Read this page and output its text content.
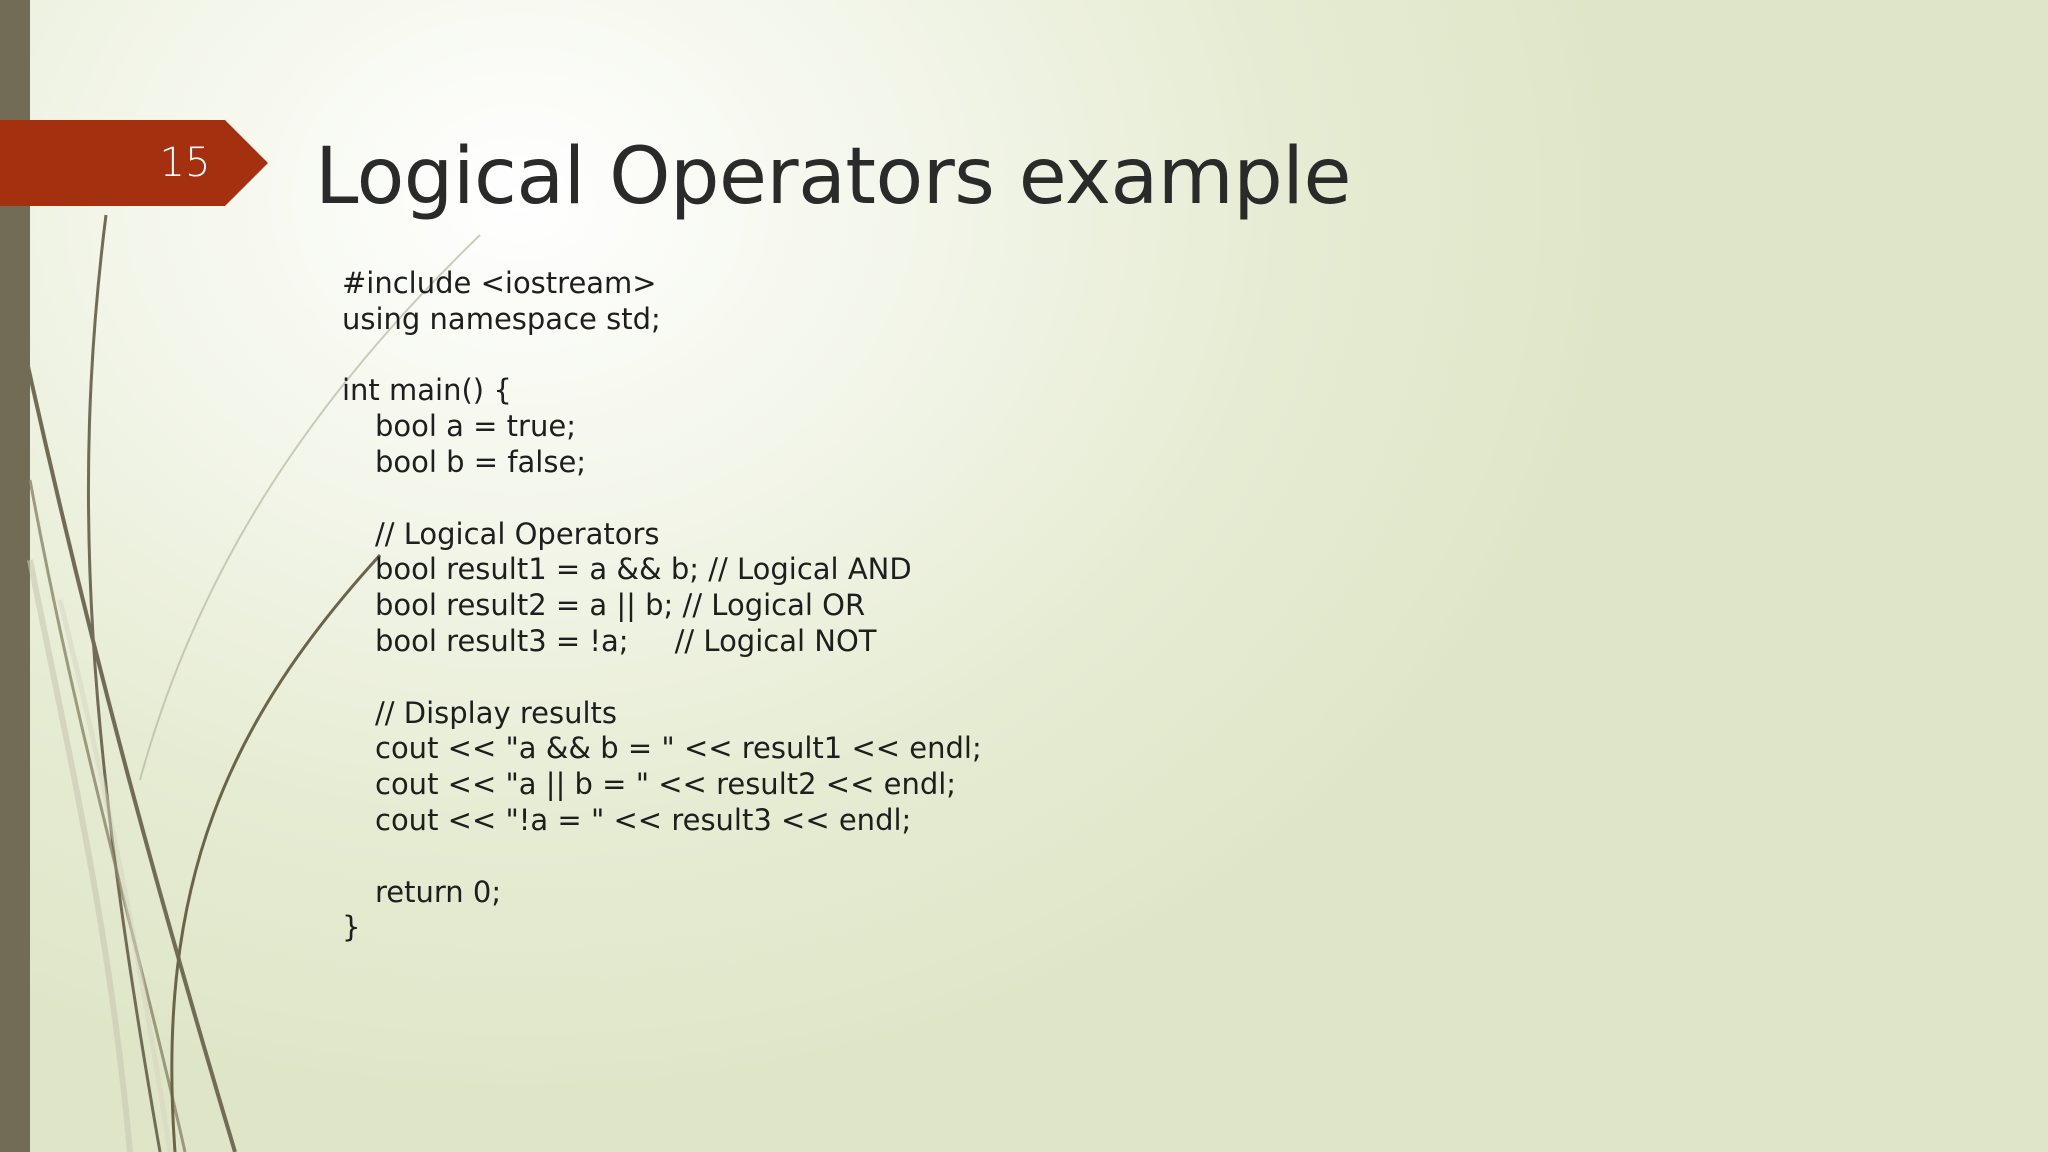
15 Logical Operators example
#include <iostream>
using namespace std;
int main() {
bool a = true;
bool b = false;
// Logical Operators
bool result1 = a && b; // Logical AND
bool result2 = a || b; // Logical OR
bool result3 = !a;     // Logical NOT
// Display results
cout << "a && b = " << result1 << endl;
cout << "a || b = " << result2 << endl;
cout << "!a = " << result3 << endl;
return 0;
}
